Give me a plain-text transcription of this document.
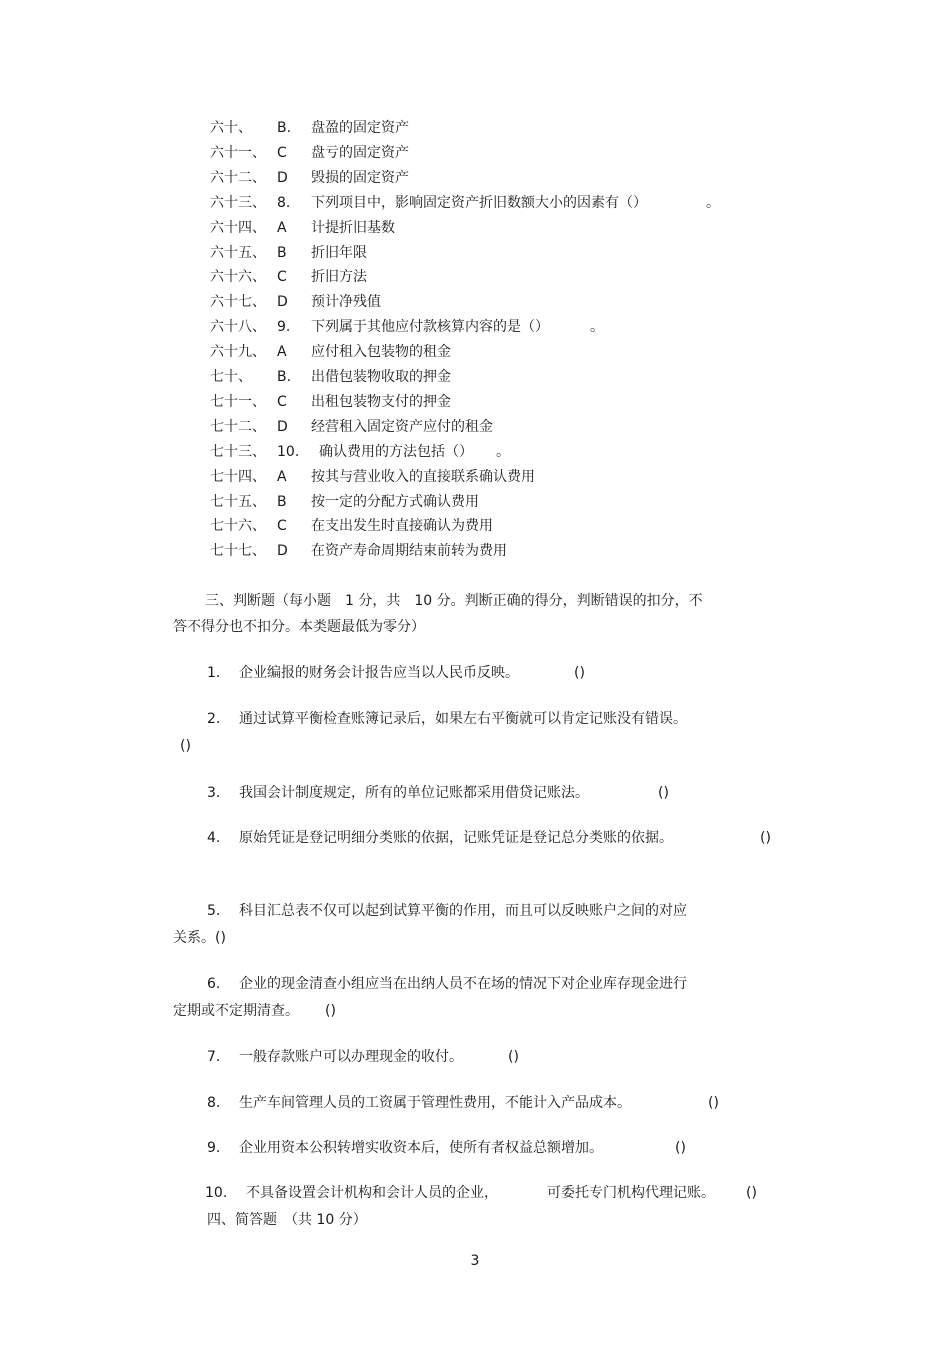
六十、 B. 盘盈的固定资产
六十一、 C 盘亏的固定资产
六十二、 D 毁损的固定资产
六十三、 8. 下列项目中，影响固定资产折旧数额大小的因素有（）	。
六十四、 A 计提折旧基数
六十五、 B 折旧年限
六十六、 C 折旧方法
六十七、 D 预计净残值
六十八、 9. 下列属于其他应付款核算内容的是（）	。
六十九、 A 应付租入包装物的租金
七十、 B. 出借包装物收取的押金
七十一、 C 出租包装物支付的押金
七十二、 D 经营租入固定资产应付的租金
七十三、 10. 确认费用的方法包括（） 。
七十四、 A 按其与营业收入的直接联系确认费用
七十五、 B 按一定的分配方式确认费用
七十六、 C 在支出发生时直接确认为费用
七十七、 D 在资产寿命周期结束前转为费用
三、判断题（每小题　1 分，共　10 分。判断正确的得分，判断错误的扣分，不
答不得分也不扣分。本类题最低为零分）
1. 企业编报的财务会计报告应当以人民币反映。	()
2. 通过试算平衡检查账簿记录后，如果左右平衡就可以肯定记账没有错误。
()
3. 我国会计制度规定，所有的单位记账都采用借贷记账法。	()
4. 原始凭证是登记明细分类账的依据，记账凭证是登记总分类账的依据。	()
5. 科目汇总表不仅可以起到试算平衡的作用，而且可以反映账户之间的对应
关系。()
6. 企业的现金清查小组应当在出纳人员不在场的情况下对企业库存现金进行
定期或不定期清查。 ()
7. 一般存款账户可以办理现金的收付。	()
8. 生产车间管理人员的工资属于管理性费用，不能计入产品成本。	()
9. 企业用资本公积转增实收资本后，使所有者权益总额增加。	()
10. 不具备设置会计机构和会计人员的企业，	可委托专门机构代理记账。 ()
四、简答题　（共 10 分）
3
